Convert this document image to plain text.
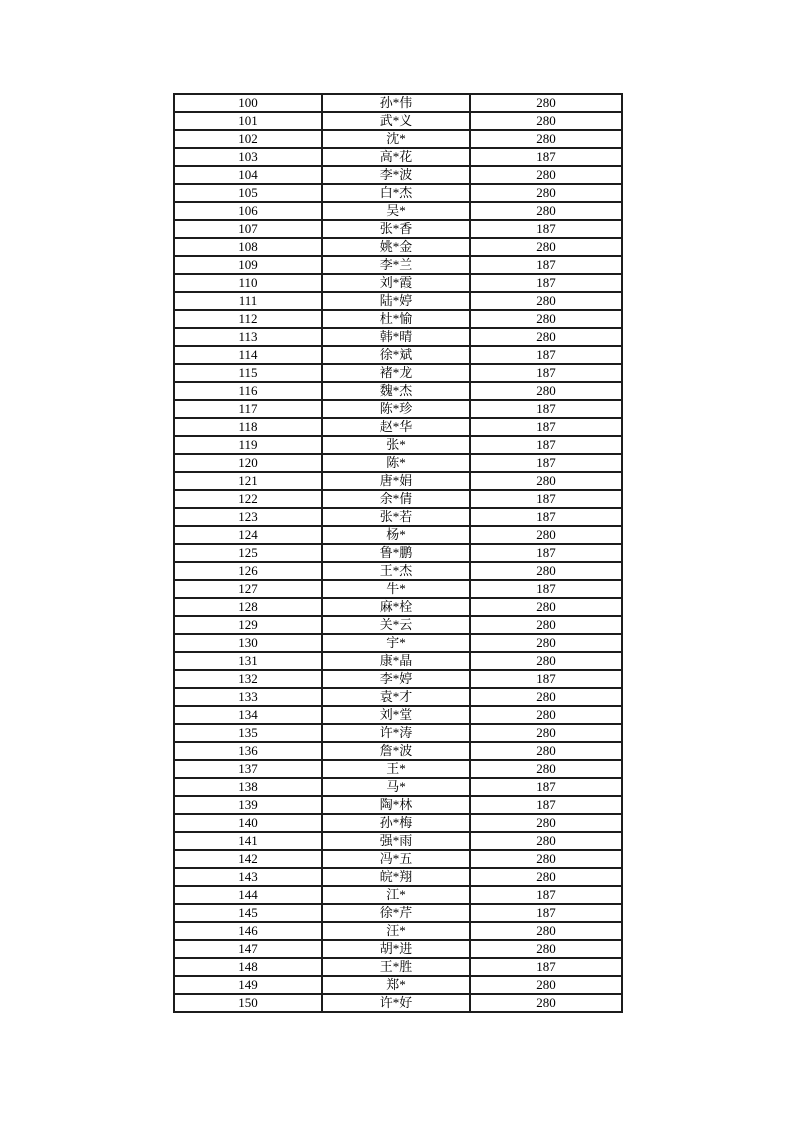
100	孙*伟	280
101	武*义	280
102	沈*	280
103	高*花	187
104	李*波	280
105	白*杰	280
106	吴*	280
107	张*香	187
108	姚*金	280
109	李*兰	187
110	刘*霞	187
111	陆*婷	280
112	杜*愉	280
113	韩*晴	280
114	徐*斌	187
115	褚*龙	187
116	魏*杰	280
117	陈*珍	187
118	赵*华	187
119	张*	187
120	陈*	187
121	唐*娟	280
122	余*倩	187
123	张*若	187
124	杨*	280
125	鲁*鹏	187
126	王*杰	280
127	牛*	187
128	麻*栓	280
129	关*云	280
130	宇*	280
131	康*晶	280
132	李*婷	187
133	袁*才	280
134	刘*堂	280
135	许*涛	280
136	詹*波	280
137	王*	280
138	马*	187
139	陶*林	187
140	孙*梅	280
141	强*雨	280
142	冯*五	280
143	皖*翔	280
144	江*	187
145	徐*芹	187
146	汪*	280
147	胡*进	280
148	王*胜	187
149	郑*	280
150	许*好	280
